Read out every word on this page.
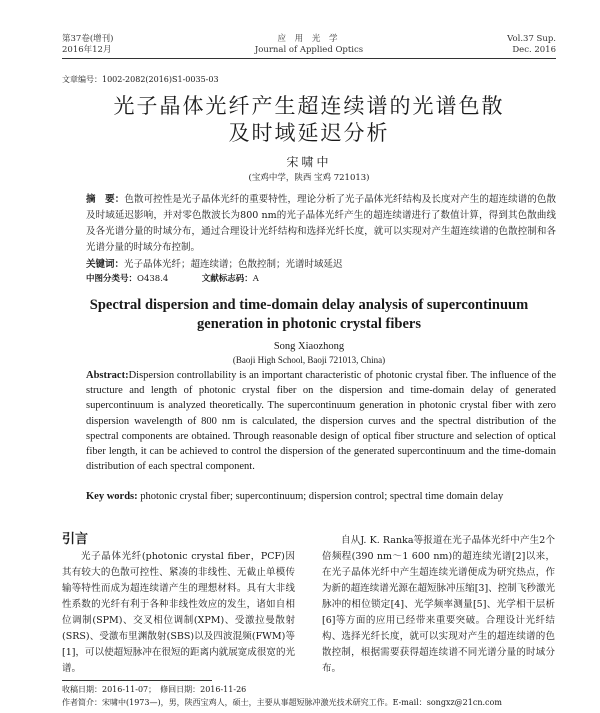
第37卷(增刊)
2016年12月
应 用 光 学
Journal of Applied Optics
Vol.37 Sup.
Dec. 2016
文章编号：1002-2082(2016)S1-0035-03
光子晶体光纤产生超连续谱的光谱色散
及时域延迟分析
宋啸中
(宝鸡中学，陕西 宝鸡 721013)
摘　要：色散可控性是光子晶体光纤的重要特性，理论分析了光子晶体光纤结构及长度对产生的超连续谱的色散及时域延迟影响，并对零色散波长为800 nm的光子晶体光纤产生的超连续谱进行了数值计算，得到其色散曲线及各光谱分量的时域分布，通过合理设计光纤结构和选择光纤长度，就可以实现对产生超连续谱的色散控制和各光谱分量的时域分布控制。
关键词：光子晶体光纤；超连续谱；色散控制；光谱时域延迟
中图分类号：O438.4	文献标志码：A
Spectral dispersion and time-domain delay analysis of supercontinuum
generation in photonic crystal fibers
Song Xiaozhong
(Baoji High School, Baoji 721013, China)
Abstract:Dispersion controllability is an important characteristic of photonic crystal fiber. The influence of the structure and length of photonic crystal fiber on the dispersion and time-domain delay of generated supercontinuum is analyzed theoretically. The supercontinuum generation in photonic crystal fiber with zero dispersion wavelength of 800 nm is calculated, the dispersion curves and the spectral distribution of the spectral components are obtained. Through reasonable design of optical fiber structure and selection of optical fiber length, it can be achieved to control the dispersion of the generated supercontinuum and the time-domain distribution of each spectral component.
Key words: photonic crystal fiber; supercontinuum; dispersion control; spectral time domain delay
引言
光子晶体光纤(photonic crystal fiber，PCF)因其有较大的色散可控性、紧凑的非线性、无截止单模传输等特性而成为超连续谱产生的理想材料。具有大非线性系数的光纤有利于各种非线性效应的发生，诸如自相位调制(SPM)、交叉相位调制(XPM)、受激拉曼散射(SRS)、受激布里渊散射(SBS)以及四波混频(FWM)等[1]，可以使超短脉冲在很短的距离内就展宽成很宽的光谱。
自从J. K. Ranka等报道在光子晶体光纤中产生2个倍频程(390 nm～1 600 nm)的超连续光谱[2]以来，在光子晶体光纤中产生超连续光谱便成为研究热点，作为新的超连续谱光源在超短脉冲压缩[3]、控制飞秒激光脉冲的相位锁定[4]、光学频率测量[5]、光学相干层析[6]等方面的应用已经带来重要突破。合理设计光纤结构、选择光纤长度，就可以实现对产生的超连续谱的色散控制，根据需要获得超连续谱不同光谱分量的时域分布。
收稿日期：2016-11-07；　修回日期：2016-11-26
作者简介：宋啸中(1973—)，男，陕西宝鸡人，硕士，主要从事超短脉冲激光技术研究工作。E-mail：songxz@21cn.com
